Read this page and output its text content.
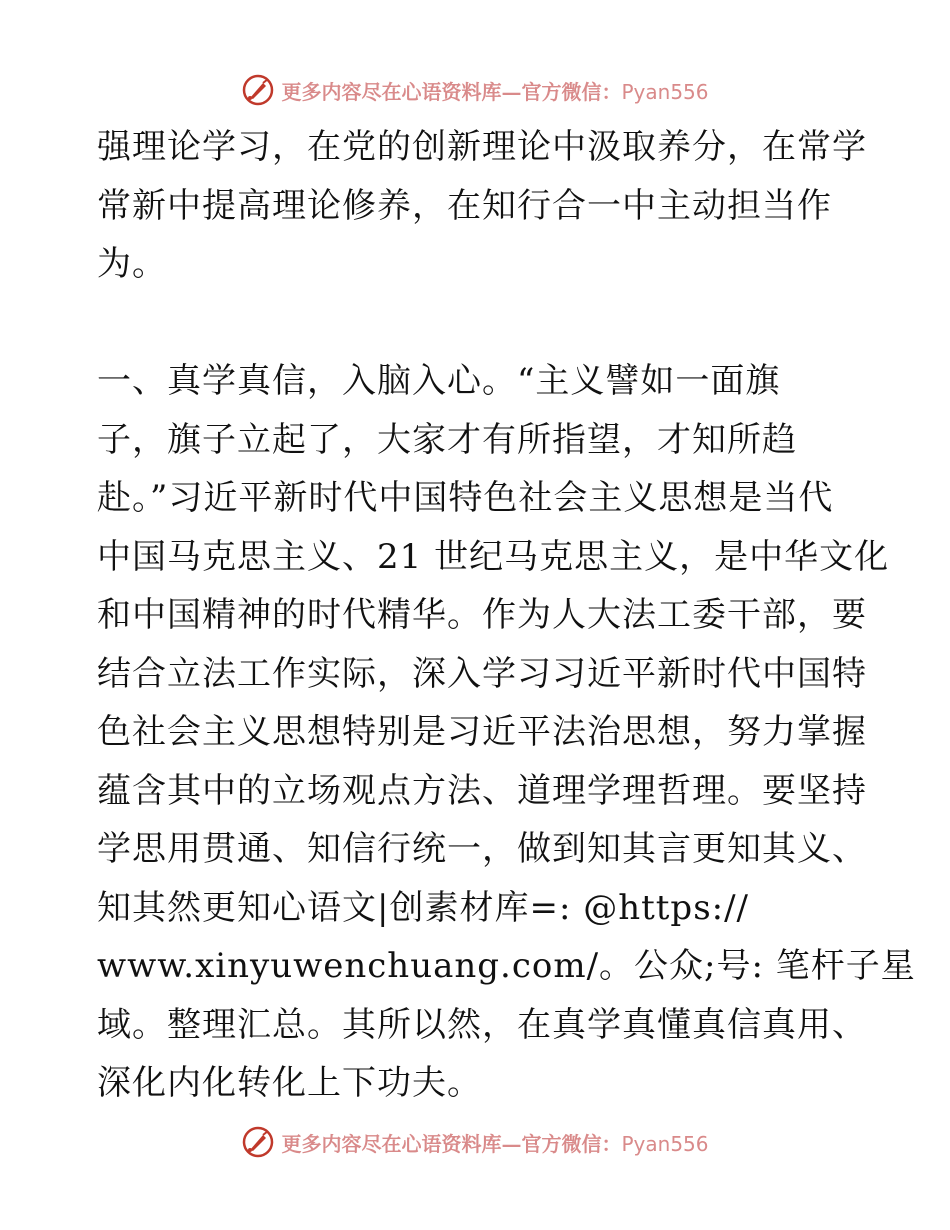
更多内容尽在心语资料库—官方微信：Pyan556
强理论学习，在党的创新理论中汲取养分，在常学
常新中提高理论修养，在知行合一中主动担当作
为。
一、真学真信，入脑入心。“主义譬如一面旗
子，旗子立起了，大家才有所指望，才知所趋
赴。”习近平新时代中国特色社会主义思想是当代
中国马克思主义、21 世纪马克思主义，是中华文化
和中国精神的时代精华。作为人大法工委干部，要
结合立法工作实际，深入学习习近平新时代中国特
色社会主义思想特别是习近平法治思想，努力掌握
蕴含其中的立场观点方法、道理学理哲理。要坚持
学思用贯通、知信行统一，做到知其言更知其义、
知其然更知心语文|创素材库=: @https://
www.xinyuwenchuang.com/。公众;号: 笔杆子星
域。整理汇总。其所以然，在真学真懂真信真用、
深化内化转化上下功夫。
更多内容尽在心语资料库—官方微信：Pyan556
